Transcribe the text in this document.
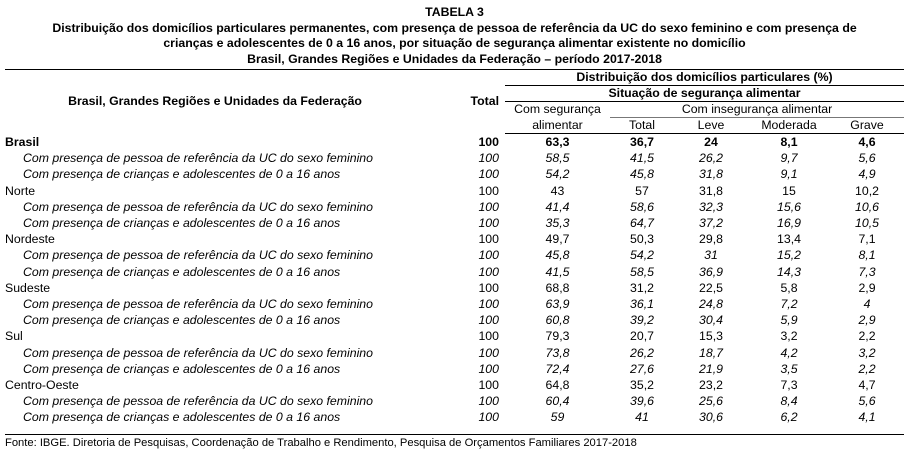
TABELA 3
Distribuição dos domicílios particulares permanentes, com presença de pessoa de referência da UC do sexo feminino e com presença de
crianças e adolescentes de 0 a 16 anos, por situação de segurança alimentar existente no domicílio
Brasil, Grandes Regiões e Unidades da Federação – período 2017-2018
Brasil, Grandes Regiões e Unidades da Federação	Total	Distribuição dos domicílios particulares (%)				
		Situação de segurança alimentar				
		Com segurança	Com insegurança alimentar			
		alimentar	Total	Leve	Moderada	Grave
Brasil	100	63,3	36,7	24	8,1	4,6
Com presença de pessoa de referência da UC do sexo feminino	100	58,5	41,5	26,2	9,7	5,6
Com presença de crianças e adolescentes de 0 a 16 anos	100	54,2	45,8	31,8	9,1	4,9
Norte	100	43	57	31,8	15	10,2
Com presença de pessoa de referência da UC do sexo feminino	100	41,4	58,6	32,3	15,6	10,6
Com presença de crianças e adolescentes de 0 a 16 anos	100	35,3	64,7	37,2	16,9	10,5
Nordeste	100	49,7	50,3	29,8	13,4	7,1
Com presença de pessoa de referência da UC do sexo feminino	100	45,8	54,2	31	15,2	8,1
Com presença de crianças e adolescentes de 0 a 16 anos	100	41,5	58,5	36,9	14,3	7,3
Sudeste	100	68,8	31,2	22,5	5,8	2,9
Com presença de pessoa de referência da UC do sexo feminino	100	63,9	36,1	24,8	7,2	4
Com presença de crianças e adolescentes de 0 a 16 anos	100	60,8	39,2	30,4	5,9	2,9
Sul	100	79,3	20,7	15,3	3,2	2,2
Com presença de pessoa de referência da UC do sexo feminino	100	73,8	26,2	18,7	4,2	3,2
Com presença de crianças e adolescentes de 0 a 16 anos	100	72,4	27,6	21,9	3,5	2,2
Centro-Oeste	100	64,8	35,2	23,2	7,3	4,7
Com presença de pessoa de referência da UC do sexo feminino	100	60,4	39,6	25,6	8,4	5,6
Com presença de crianças e adolescentes de 0 a 16 anos	100	59	41	30,6	6,2	4,1
Fonte: IBGE. Diretoria de Pesquisas, Coordenação de Trabalho e Rendimento, Pesquisa de Orçamentos Familiares 2017-2018
